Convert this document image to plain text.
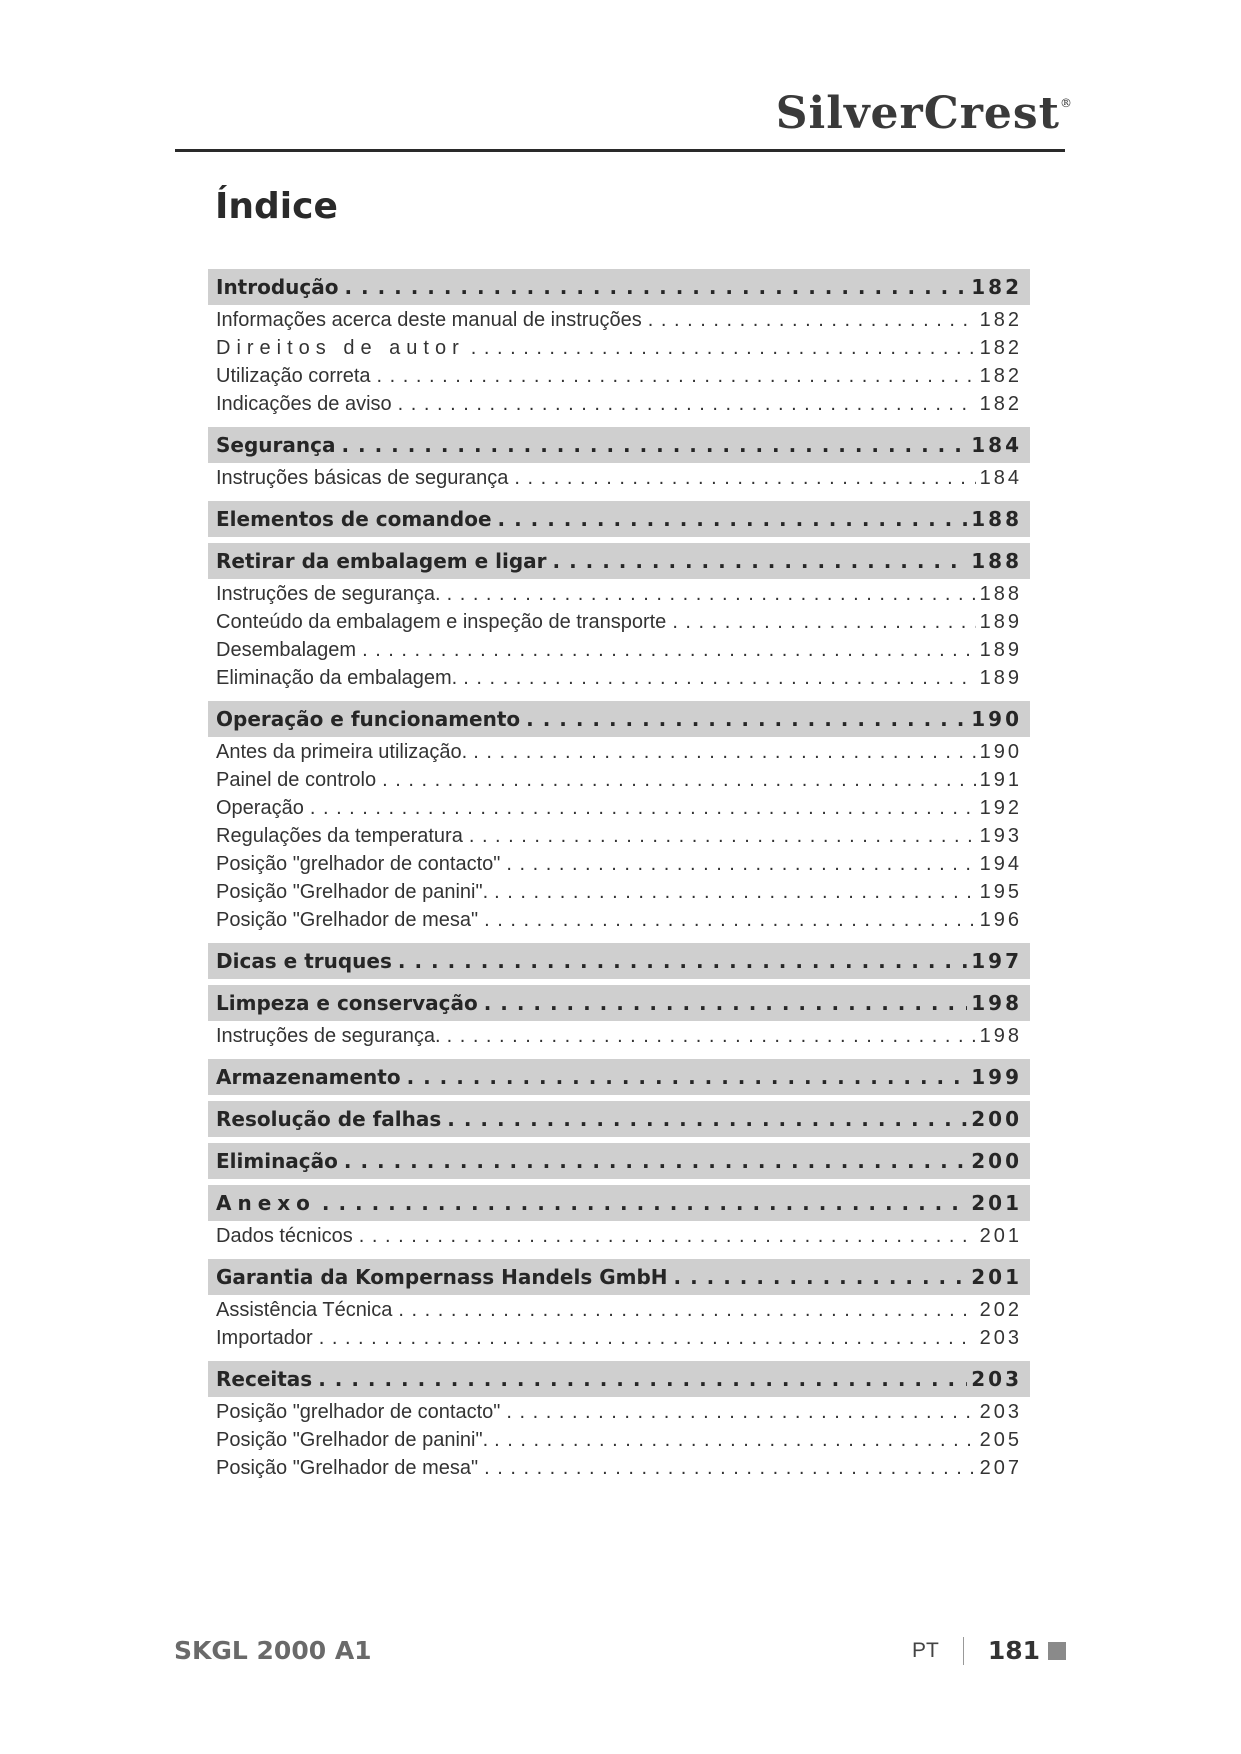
SilverCrest®
Índice
Introdução . . .	182
Informações acerca deste manual de instruções . . .	182
Direitos de autor . . .	182
Utilização correta . . .	182
Indicações de aviso . . .	182
Segurança . . .	184
Instruções básicas de segurança . . .	184
Elementos de comandoe . . .	188
Retirar da embalagem e ligar . . .	188
Instruções de segurança. . . .	188
Conteúdo da embalagem e inspeção de transporte . . .	189
Desembalagem . . .	189
Eliminação da embalagem. . . .	189
Operação e funcionamento . . .	190
Antes da primeira utilização. . . .	190
Painel de controlo . . .	191
Operação . . .	192
Regulações da temperatura . . .	193
Posição "grelhador de contacto" . . .	194
Posição "Grelhador de panini". . . .	195
Posição "Grelhador de mesa" . . .	196
Dicas e truques . . .	197
Limpeza e conservação . . .	198
Instruções de segurança. . . .	198
Armazenamento . . .	199
Resolução de falhas . . .	200
Eliminação . . .	200
Anexo . . .	201
Dados técnicos . . .	201
Garantia da Kompernass Handels GmbH . . .	201
Assistência Técnica . . .	202
Importador . . .	203
Receitas . . .	203
Posição "grelhador de contacto" . . .	203
Posição "Grelhador de panini". . . .	205
Posição "Grelhador de mesa" . . .	207
SKGL 2000 A1	PT 181
